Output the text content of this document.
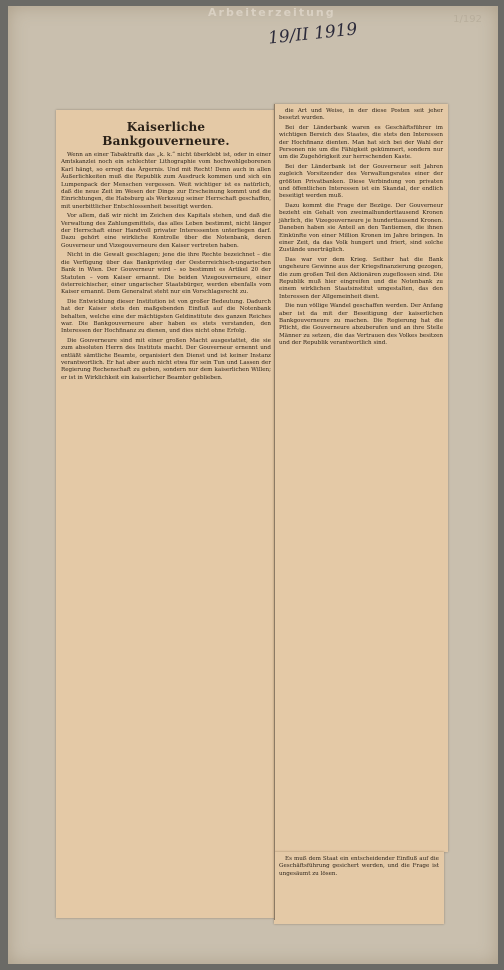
Arbeiterzeitung
19/II 1919	1/192
Kaiserliche Bankgouverneure.

Wenn an einer Tabaktrafik das „k. k.“ nicht überklebt ist, oder in einer Amtskanzlei noch ein schlechter Lithographie vom hochwohlgeborenen Karl hängt, so erregt das Ärgernis. Und mit Recht! Denn auch in allen Äußerlichkeiten muß die Republik zum Ausdruck kommen und sich ein Lumpenpack der Menschen vergessen. Weit wichtiger ist es natürlich, daß die neue Zeit im Wesen der Dinge zur Erscheinung kommt und die Einrichtungen, die Habsburg als Werkzeug seiner Herrschaft geschaffen, mit unerbittlicher Entschlossenheit beseitigt werden.

Vor allem, daß wir nicht im Zeichen des Kapitals stehen, und daß die Verwaltung des Zahlungsmittels, das alles Leben bestimmt, nicht länger der Herrschaft einer Handvoll privater Interessenten unterliegen darf. Dazu gehört eine wirkliche Kontrolle über die Notenbank, deren Gouverneur und Vizegouverneure den Kaiser vertreten haben.

Nicht in die Gewalt geschlagen; jene die ihre Rechte bezeichnet – die die Verfügung über das Bankprivileg der Oesterreichisch-ungarischen Bank in Wien. Der Gouverneur wird – so bestimmt es Artikel 20 der Statuten – vom Kaiser ernannt. Die beiden Vizegouverneure, einer österreichischer, einer ungarischer Staatsbürger, werden ebenfalls vom Kaiser ernannt. Dem Generalrat steht nur ein Vorschlagsrecht zu.

Die Entwicklung dieser Institution ist von großer Bedeutung. Dadurch hat der Kaiser stets den maßgebenden Einfluß auf die Notenbank behalten, welche eine der mächtigsten Geldinstitute des ganzen Reiches war. Die Bankgouverneure aber haben es stets verstanden, den Interessen der Hochfinanz zu dienen, und dies nicht ohne Erfolg.

Die Gouverneure sind mit einer großen Macht ausgestattet, die sie zum absoluten Herrn des Instituts macht. Der Gouverneur ernennt und entläßt sämtliche Beamte, organisiert den Dienst und ist keiner Instanz verantwortlich. Er hat aber auch nicht etwa für sein Tun und Lassen der Regierung Rechenschaft zu geben, sondern nur dem kaiserlichen Willen; er ist in Wirklichkeit ein kaiserlicher Beamter geblieben.

die Art und Weise, in der diese Posten seit jeher besetzt wurden.

Bei der Länderbank waren es Geschäftsführer im wichtigen Bereich des Staates, die stets den Interessen der Hochfinanz dienten. Man hat sich bei der Wahl der Personen nie um die Fähigkeit gekümmert, sondern nur um die Zugehörigkeit zur herrschenden Kaste.

Bei der Länderbank ist der Gouverneur seit Jahren zugleich Vorsitzender des Verwaltungsrates einer der größten Privatbanken. Diese Verbindung von privaten und öffentlichen Interessen ist ein Skandal, der endlich beseitigt werden muß.

Dazu kommt die Frage der Bezüge. Der Gouverneur bezieht ein Gehalt von zweimalhunderttausend Kronen jährlich, die Vizegouverneure je hunderttausend Kronen. Daneben haben sie Anteil an den Tantiemen, die ihnen Einkünfte von einer Million Kronen im Jahre bringen. In einer Zeit, da das Volk hungert und friert, sind solche Zustände unerträglich.

Das war vor dem Krieg. Seither hat die Bank ungeheure Gewinne aus der Kriegsfinanzierung gezogen, die zum großen Teil den Aktionären zugeflossen sind. Die Republik muß hier eingreifen und die Notenbank zu einem wirklichen Staatsinstitut umgestalten, das den Interessen der Allgemeinheit dient.

Die nun völlige Wandel geschaffen werden. Der Anfang aber ist da mit der Beseitigung der kaiserlichen Bankgouverneure zu machen. Die Regierung hat die Pflicht, die Gouverneure abzuberufen und an ihre Stelle Männer zu setzen, die das Vertrauen des Volkes besitzen und der Republik verantwortlich sind.

Es muß dem Staat ein entscheidender Einfluß auf die Geschäftsführung gesichert werden, und die Frage ist ungesäumt zu lösen.
